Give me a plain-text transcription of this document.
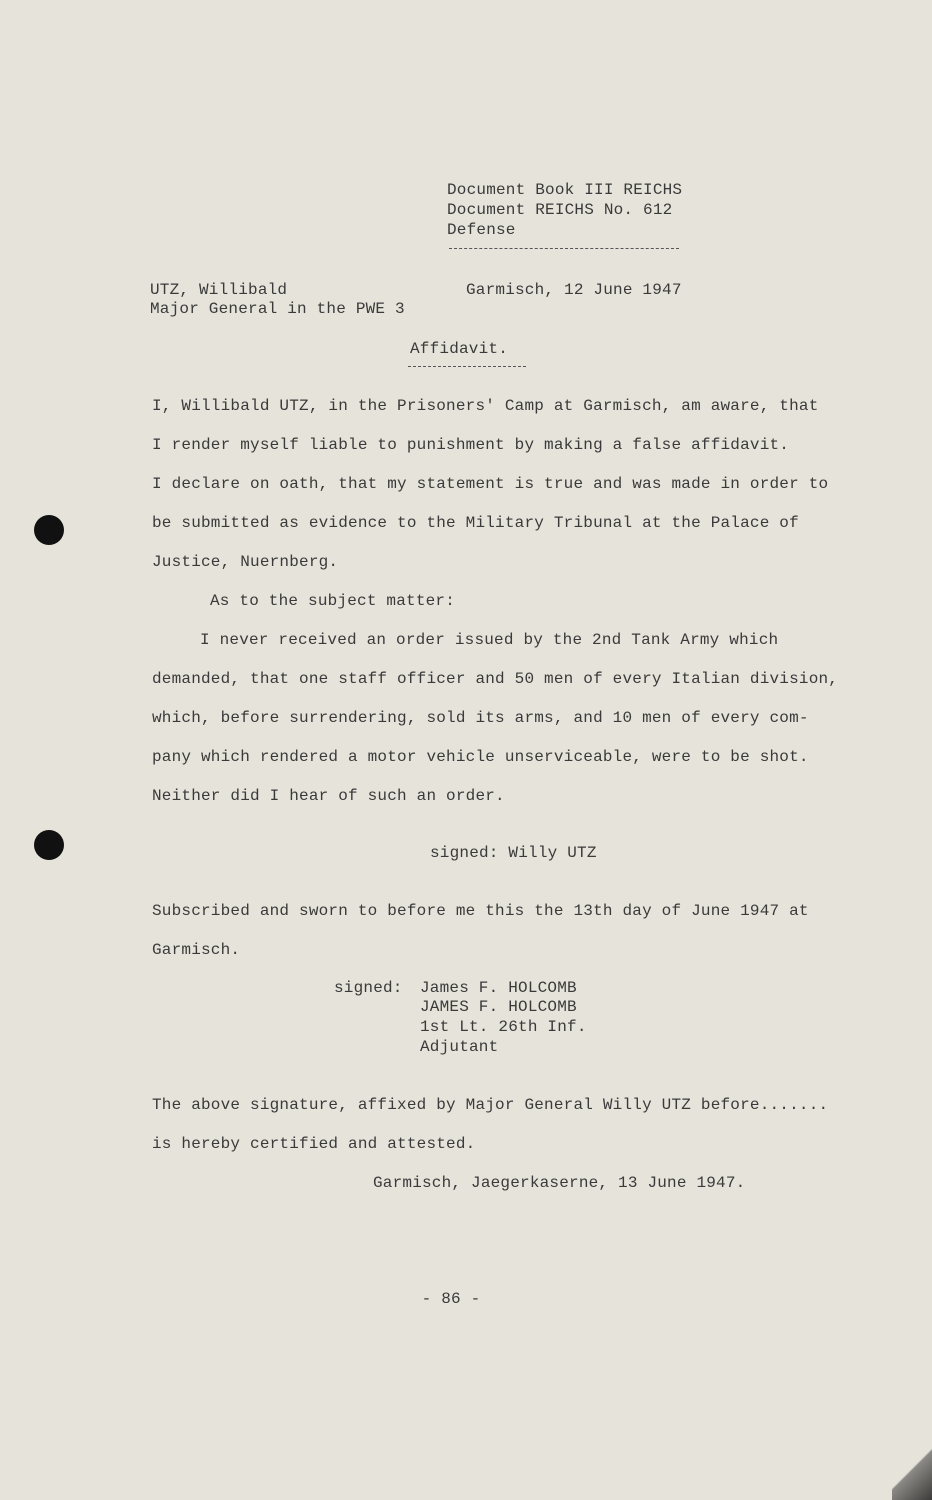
Document Book III REICHS
Document REICHS No. 612
Defense
UTZ, Willibald
Major General in the PWE 3
Garmisch, 12 June 1947
Affidavit.
I, Willibald UTZ, in the Prisoners' Camp at Garmisch, am aware, that
I render myself liable to punishment by making a false affidavit.
I declare on oath, that my statement is true and was made in order to
be submitted as evidence to the Military Tribunal at the Palace of
Justice, Nuernberg.
As to the subject matter:
I never received an order issued by the 2nd Tank Army which
demanded, that one staff officer and 50 men of every Italian division,
which, before surrendering, sold its arms, and 10 men of every com-
pany which rendered a motor vehicle unserviceable, were to be shot.
Neither did I hear of such an order.
signed: Willy UTZ
Subscribed and sworn to before me this the 13th day of June 1947 at
Garmisch.
signed: James F. HOLCOMB
JAMES F. HOLCOMB
1st Lt. 26th Inf.
Adjutant
The above signature, affixed by Major General Willy UTZ before.......
is hereby certified and attested.
Garmisch, Jaegerkaserne, 13 June 1947.
- 86 -
